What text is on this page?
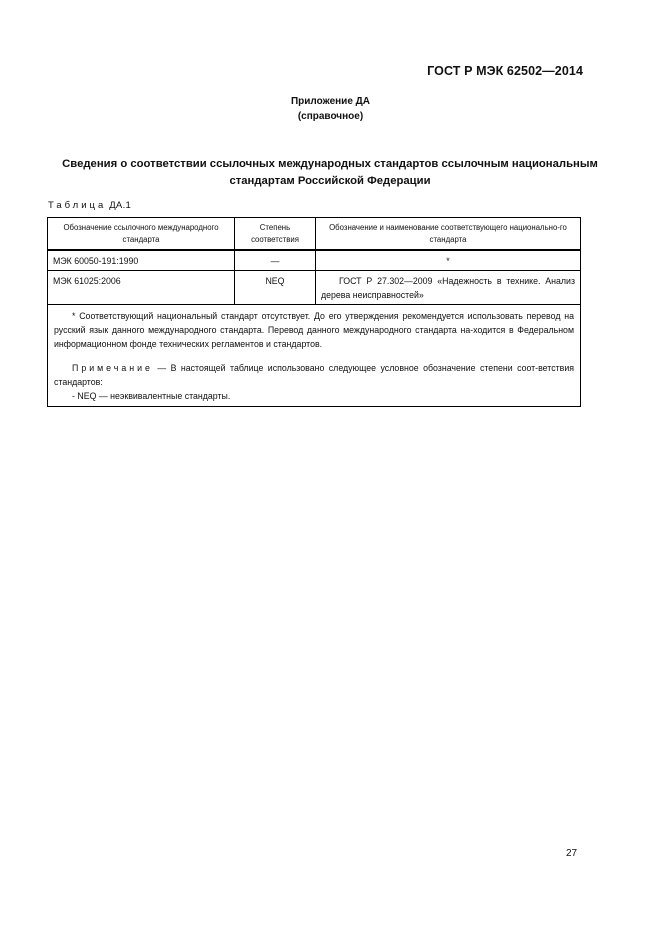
ГОСТ Р МЭК 62502—2014
Приложение ДА
(справочное)
Сведения о соответствии ссылочных международных стандартов ссылочным национальным
стандартам Российской Федерации
Таблица ДА.1
Обозначение ссылочного международного стандарта	Степень соответствия	Обозначение и наименование соответствующего национально-го стандарта
МЭК 60050-191:1990	—	*
МЭК 61025:2006	NEQ	ГОСТ Р 27.302—2009 «Надежность в технике. Анализ дерева неисправностей»

* Соответствующий национальный стандарт отсутствует. До его утверждения рекомендуется использовать перевод на русский язык данного международного стандарта. Перевод данного международного стандарта на-ходится в Федеральном информационном фонде технических регламентов и стандартов.

Примечание — В настоящей таблице использовано следующее условное обозначение степени соот-ветствия стандартов:

- NEQ — неэквивалентные стандарты.		

27
